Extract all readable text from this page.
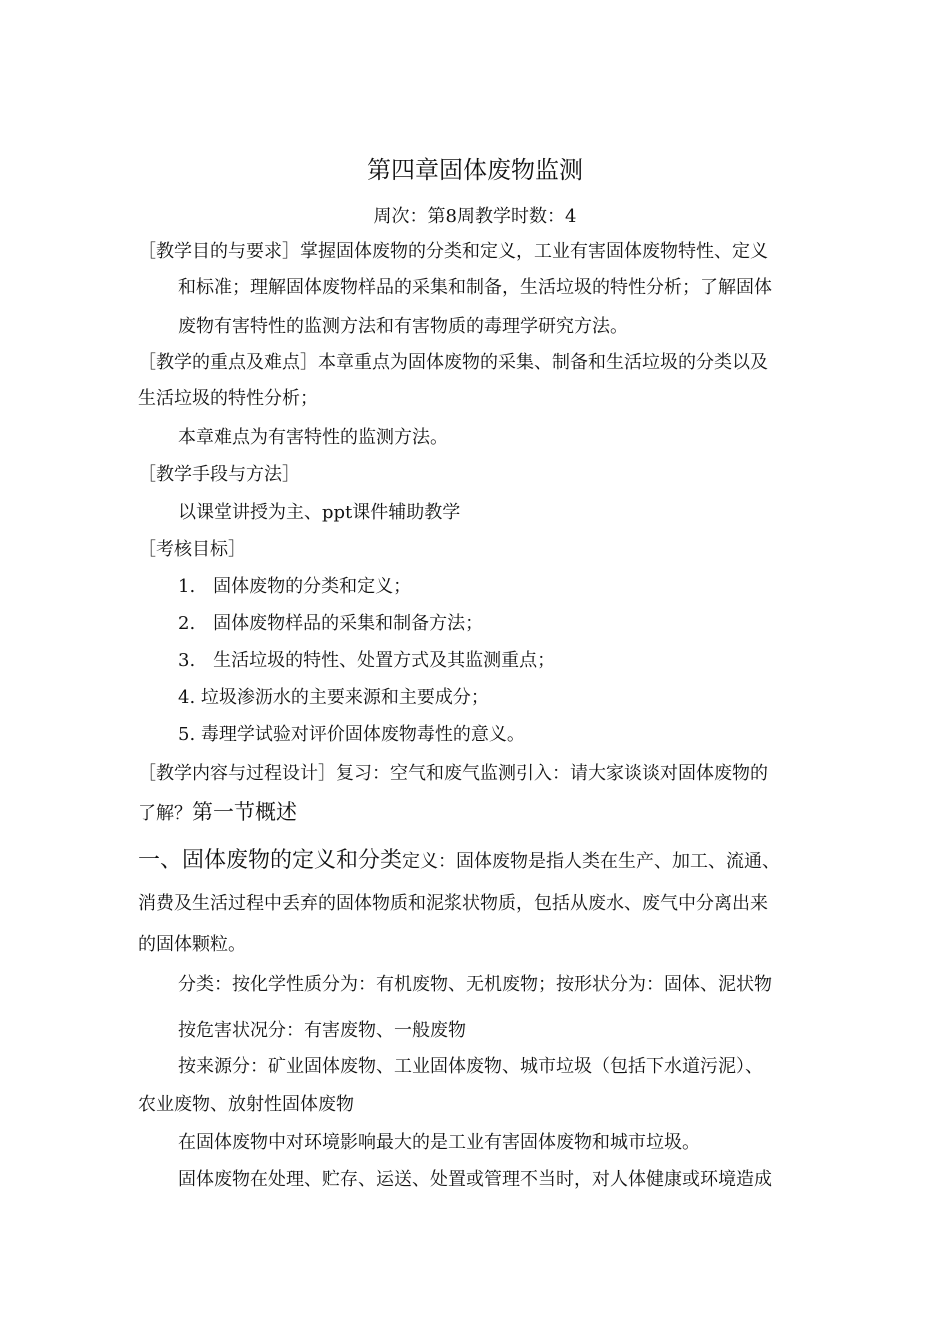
第四章固体废物监测
周次：第8周教学时数：4
［教学目的与要求］掌握固体废物的分类和定义，工业有害固体废物特性、定义
和标准；理解固体废物样品的采集和制备，生活垃圾的特性分析；了解固体
废物有害特性的监测方法和有害物质的毒理学研究方法。
［教学的重点及难点］本章重点为固体废物的采集、制备和生活垃圾的分类以及
生活垃圾的特性分析；
本章难点为有害特性的监测方法。
［教学手段与方法］
以课堂讲授为主、ppt课件辅助教学
［考核目标］
1.　固体废物的分类和定义；
2.　固体废物样品的采集和制备方法；
3.　生活垃圾的特性、处置方式及其监测重点；
4. 垃圾渗沥水的主要来源和主要成分；
5. 毒理学试验对评价固体废物毒性的意义。
［教学内容与过程设计］复习：空气和废气监测引入：请大家谈谈对固体废物的
了解？第一节概述
一、固体废物的定义和分类定义：固体废物是指人类在生产、加工、流通、
消费及生活过程中丢弃的固体物质和泥浆状物质，包括从废水、废气中分离出来
的固体颗粒。
分类：按化学性质分为：有机废物、无机废物；按形状分为：固体、泥状物
按危害状况分：有害废物、一般废物
按来源分：矿业固体废物、工业固体废物、城市垃圾（包括下水道污泥）、
农业废物、放射性固体废物
在固体废物中对环境影响最大的是工业有害固体废物和城市垃圾。
固体废物在处理、贮存、运送、处置或管理不当时，对人体健康或环境造成
